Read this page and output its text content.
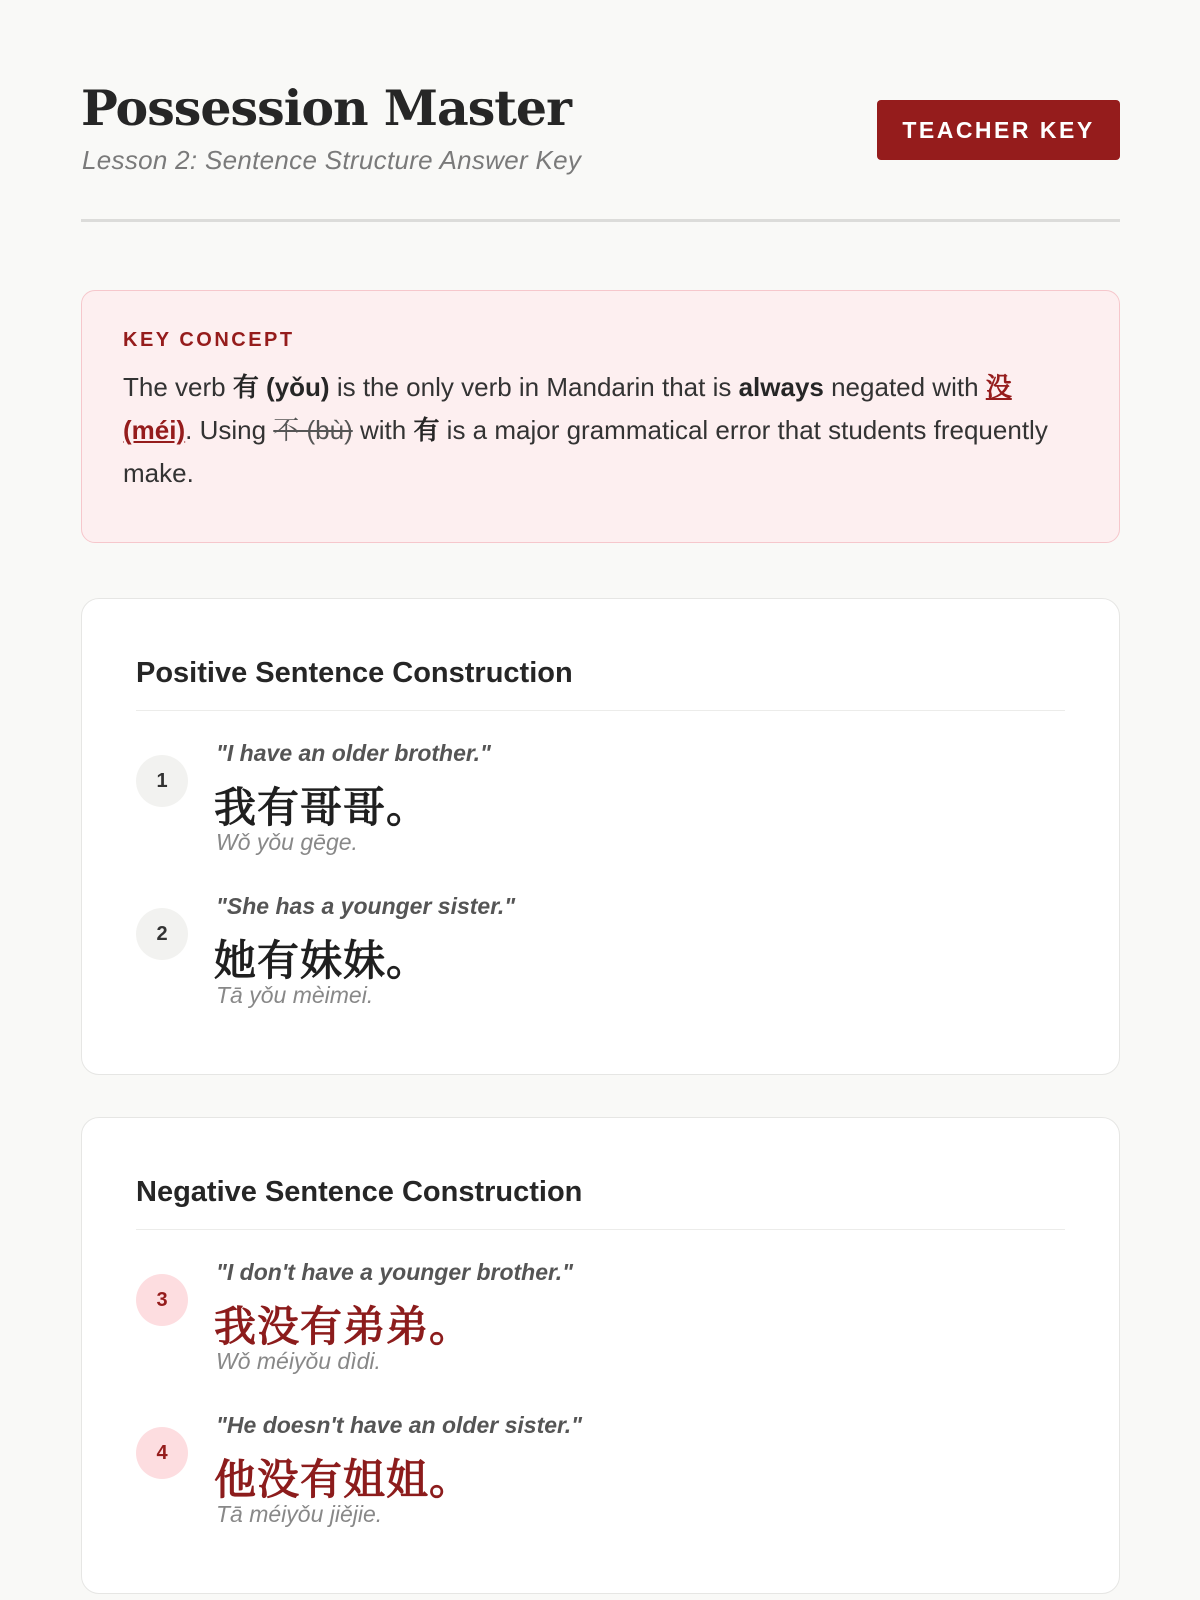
Possession Master
Lesson 2: Sentence Structure Answer Key
TEACHER KEY
KEY CONCEPT

The verb 有 (yǒu) is the only verb in Mandarin that is always negated with 没 (méi). Using 不 (bù) with 有 is a major grammatical error that students frequently make.

Positive Sentence Construction
1
"I have an older brother."
我有哥哥。
Wǒ yǒu gēge.
2
"She has a younger sister."
她有妹妹。
Tā yǒu mèimei.
Negative Sentence Construction
3
"I don't have a younger brother."
我没有弟弟。
Wǒ méiyǒu dìdi.
4
"He doesn't have an older sister."
他没有姐姐。
Tā méiyǒu jiějie.
